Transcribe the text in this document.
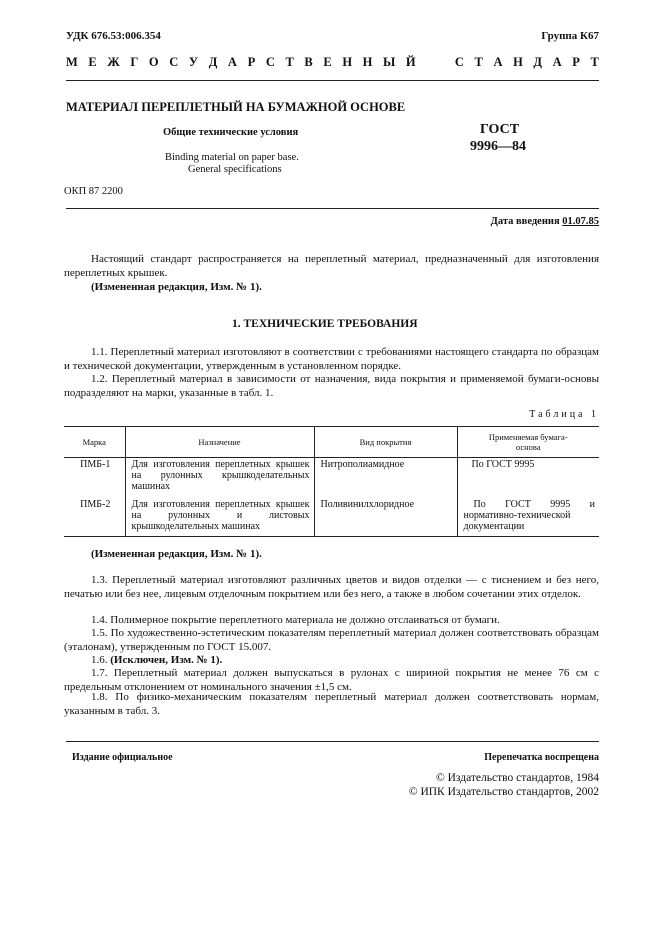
УДК 676.53:006.354	Группа К67
М Е Ж Г О С У Д А Р С Т В Е Н Н Ы Й	С Т А Н Д А Р Т
МАТЕРИАЛ ПЕРЕПЛЕТНЫЙ НА БУМАЖНОЙ ОСНОВЕ
Общие технические условия
Binding material on paper base.
General specifications
ГОСТ
9996—84
ОКП 87 2200
Дата введения 01.07.85
Настоящий стандарт распространяется на переплетный материал, предназначенный для изготовления переплетных крышек.
(Измененная редакция, Изм. № 1).
1. ТЕХНИЧЕСКИЕ ТРЕБОВАНИЯ
1.1. Переплетный материал изготовляют в соответствии с требованиями настоящего стандарта по образцам и технической документации, утвержденным в установленном порядке.
1.2. Переплетный материал в зависимости от назначения, вида покрытия и применяемой бумаги-основы подразделяют на марки, указанные в табл. 1.
Таблица 1
Марка	Назначение	Вид покрытия	Применяемая бумага-основа
ПМБ-1	Для изготовления переплетных крышек на рулонных крышкоделательных машинах	Нитрополиамидное	По ГОСТ 9995
ПМБ-2	Для изготовления переплетных крышек на рулонных и листовых крышкоделательных машинах	Поливинилхлоридное	По ГОСТ 9995 и нормативно-технической документации
(Измененная редакция, Изм. № 1).
1.3. Переплетный материал изготовляют различных цветов и видов отделки — с тиснением и без него, печатью или без нее, лицевым отделочным покрытием или без него, а также в любом сочетании этих отделок.
1.4. Полимерное покрытие переплетного материала не должно отслаиваться от бумаги.
1.5. По художественно-эстетическим показателям переплетный материал должен соответствовать образцам (эталонам), утвержденным по ГОСТ 15.007.
1.6. (Исключен, Изм. № 1).
1.7. Переплетный материал должен выпускаться в рулонах с шириной покрытия не менее 76 см с предельным отклонением от номинального значения ±1,5 см.
1.8. По физико-механическим показателям переплетный материал должен соответствовать нормам, указанным в табл. 3.
Издание официальное	Перепечатка воспрещена
© Издательство стандартов, 1984
© ИПК Издательство стандартов, 2002
